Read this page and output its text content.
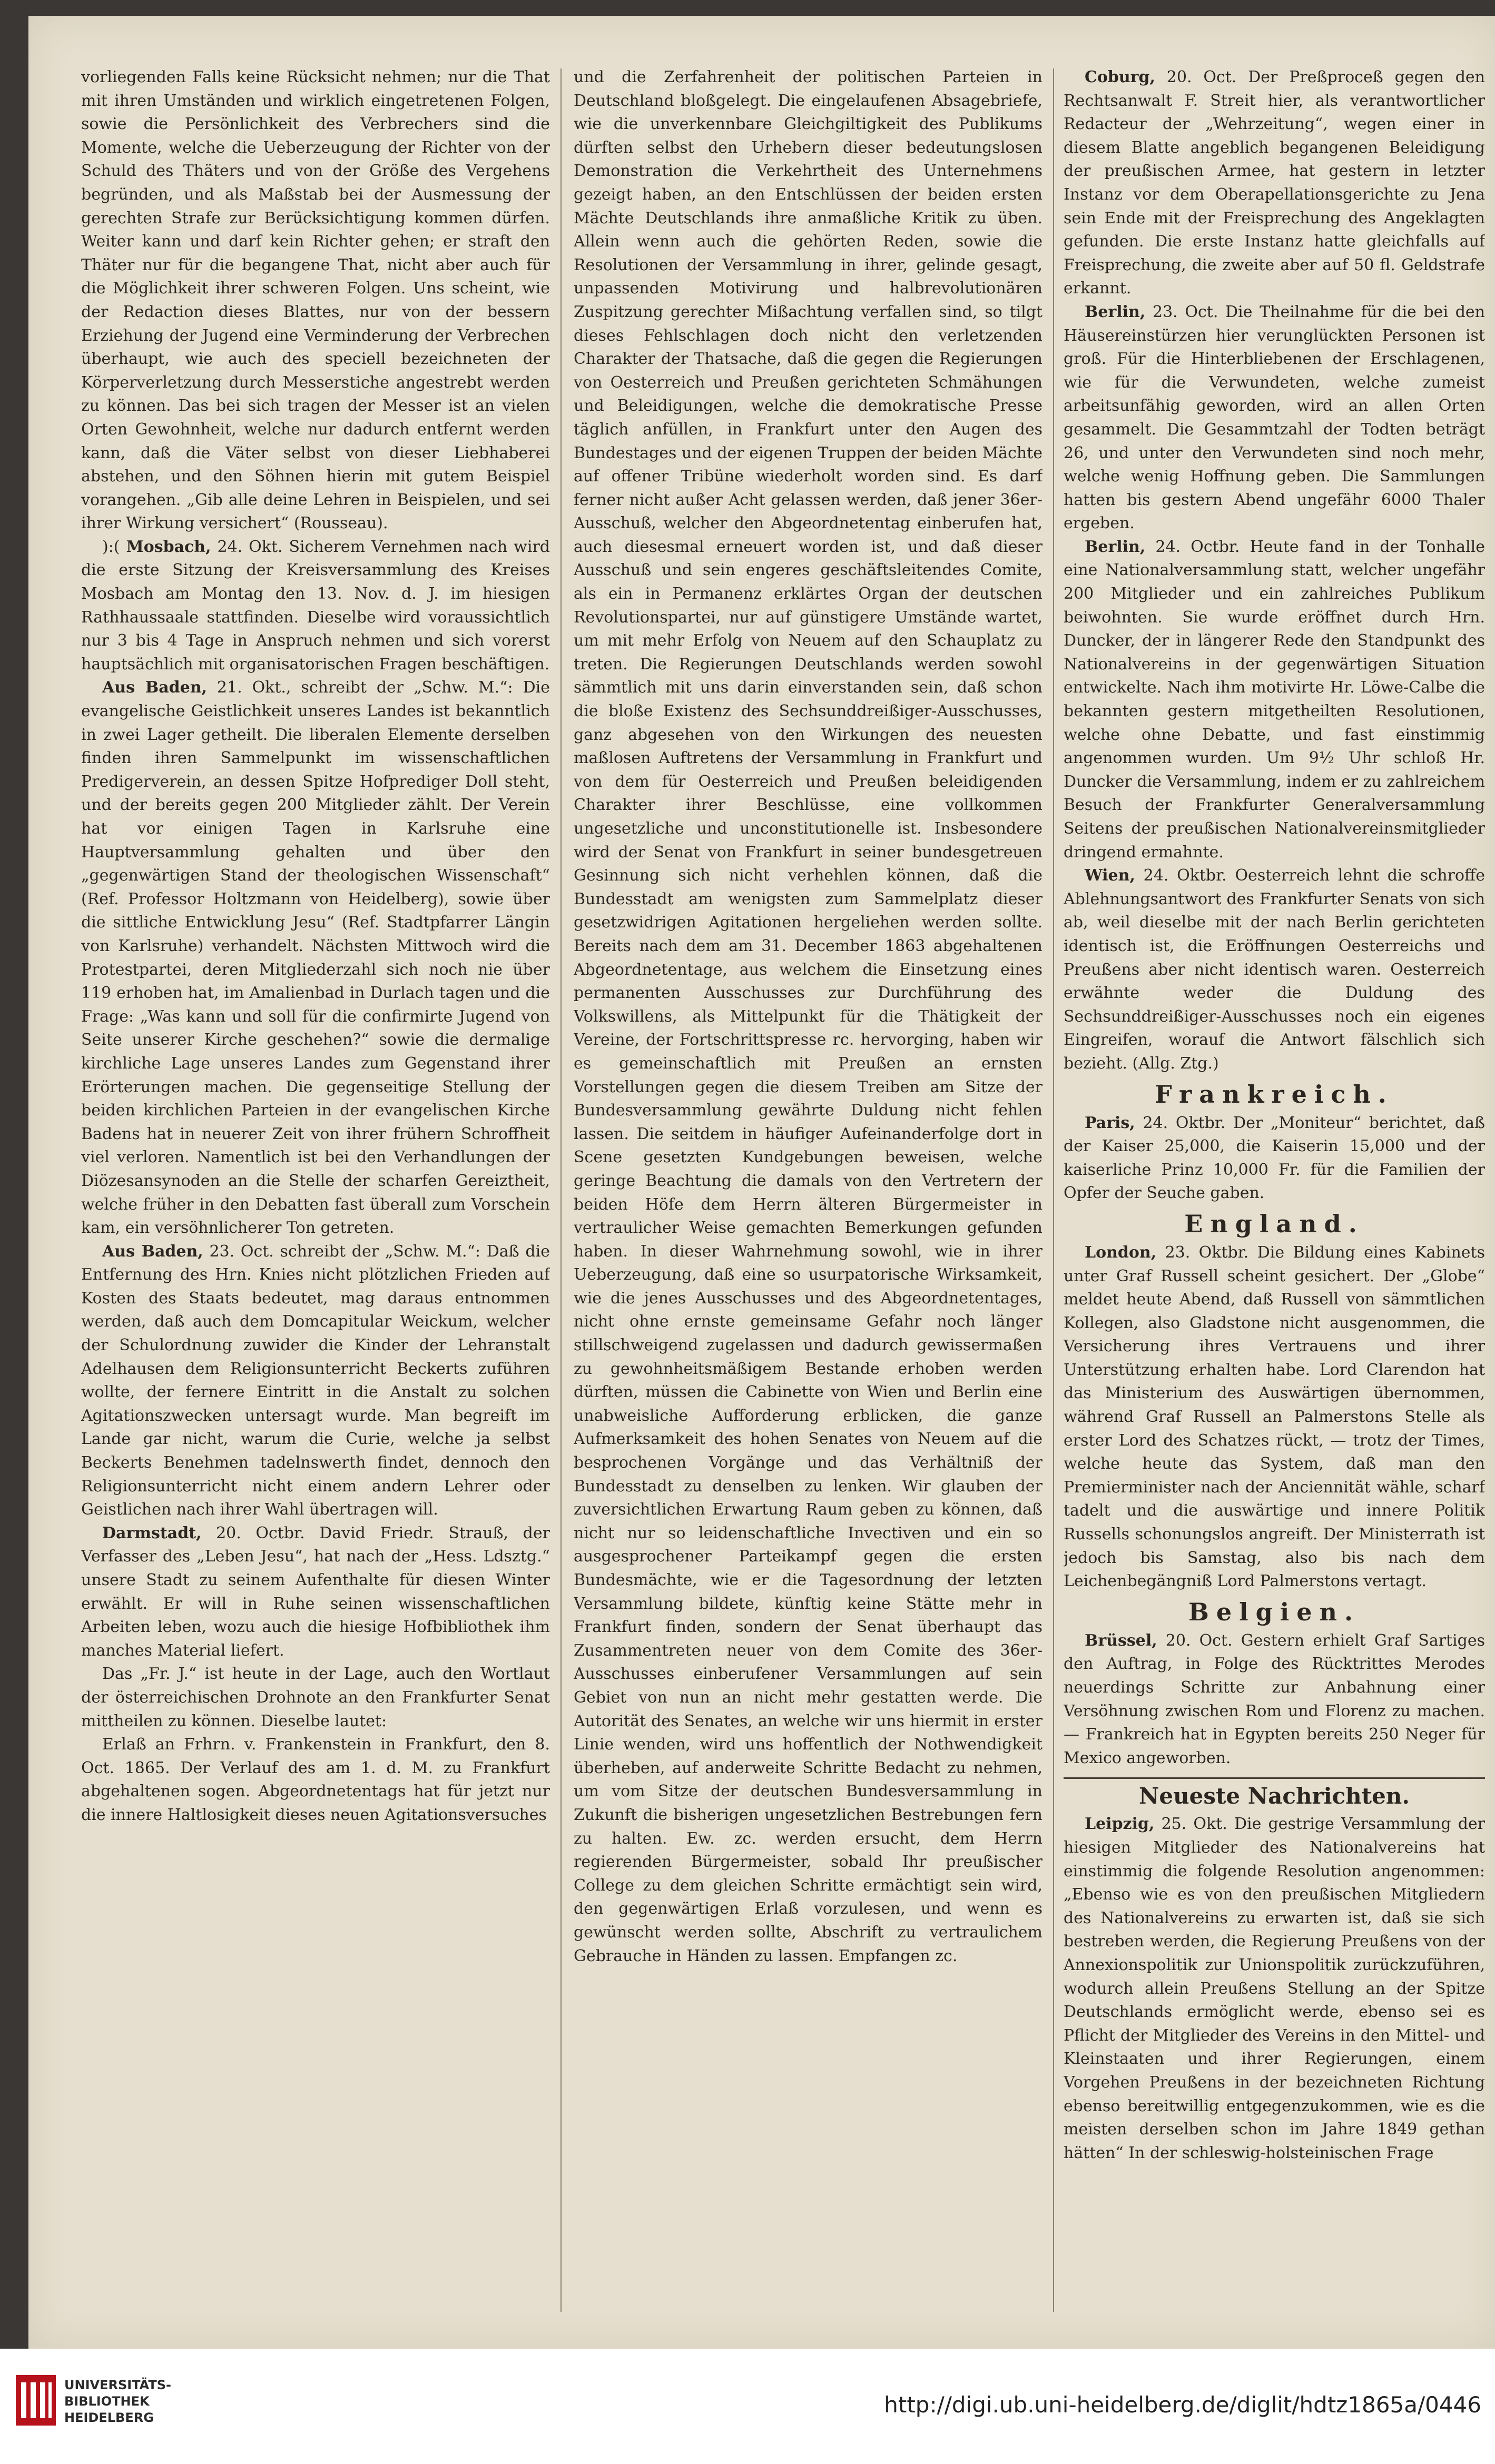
vorliegenden Falls keine Rücksicht nehmen; nur die That mit ihren Umständen und wirklich eingetretenen Folgen, sowie die Persönlichkeit des Verbrechers sind die Momente, welche die Ueberzeugung der Richter von der Schuld des Thäters und von der Größe des Vergehens begründen, und als Maßstab bei der Ausmessung der gerechten Strafe zur Berücksichtigung kommen dürfen. Weiter kann und darf kein Richter gehen; er straft den Thäter nur für die begangene That, nicht aber auch für die Möglichkeit ihrer schweren Folgen. Uns scheint, wie der Redaction dieses Blattes, nur von der bessern Erziehung der Jugend eine Verminderung der Verbrechen überhaupt, wie auch des speciell bezeichneten der Körperverletzung durch Messerstiche angestrebt werden zu können. Das bei sich tragen der Messer ist an vielen Orten Gewohnheit, welche nur dadurch entfernt werden kann, daß die Väter selbst von dieser Liebhaberei abstehen, und den Söhnen hierin mit gutem Beispiel vorangehen. „Gib alle deine Lehren in Beispielen, und sei ihrer Wirkung versichert“ (Rousseau).

):( Mosbach, 24. Okt. Sicherem Vernehmen nach wird die erste Sitzung der Kreisversammlung des Kreises Mosbach am Montag den 13. Nov. d. J. im hiesigen Rathhaussaale stattfinden. Dieselbe wird voraussichtlich nur 3 bis 4 Tage in Anspruch nehmen und sich vorerst hauptsächlich mit organisatorischen Fragen beschäftigen.

Aus Baden, 21. Okt., schreibt der „Schw. M.“: Die evangelische Geistlichkeit unseres Landes ist bekanntlich in zwei Lager getheilt. Die liberalen Elemente derselben finden ihren Sammelpunkt im wissenschaftlichen Predigerverein, an dessen Spitze Hofprediger Doll steht, und der bereits gegen 200 Mitglieder zählt. Der Verein hat vor einigen Tagen in Karlsruhe eine Hauptversammlung gehalten und über den „gegenwärtigen Stand der theologischen Wissenschaft“ (Ref. Professor Holtzmann von Heidelberg), sowie über die sittliche Entwicklung Jesu“ (Ref. Stadtpfarrer Längin von Karlsruhe) verhandelt. Nächsten Mittwoch wird die Protestpartei, deren Mitgliederzahl sich noch nie über 119 erhoben hat, im Amalienbad in Durlach tagen und die Frage: „Was kann und soll für die confirmirte Jugend von Seite unserer Kirche geschehen?“ sowie die dermalige kirchliche Lage unseres Landes zum Gegenstand ihrer Erörterungen machen. Die gegenseitige Stellung der beiden kirchlichen Parteien in der evangelischen Kirche Badens hat in neuerer Zeit von ihrer frühern Schroffheit viel verloren. Namentlich ist bei den Verhandlungen der Diözesansynoden an die Stelle der scharfen Gereiztheit, welche früher in den Debatten fast überall zum Vorschein kam, ein versöhnlicherer Ton getreten.

Aus Baden, 23. Oct. schreibt der „Schw. M.“: Daß die Entfernung des Hrn. Knies nicht plötzlichen Frieden auf Kosten des Staats bedeutet, mag daraus entnommen werden, daß auch dem Domcapitular Weickum, welcher der Schulordnung zuwider die Kinder der Lehranstalt Adelhausen dem Religionsunterricht Beckerts zuführen wollte, der fernere Eintritt in die Anstalt zu solchen Agitationszwecken untersagt wurde. Man begreift im Lande gar nicht, warum die Curie, welche ja selbst Beckerts Benehmen tadelnswerth findet, dennoch den Religionsunterricht nicht einem andern Lehrer oder Geistlichen nach ihrer Wahl übertragen will.

Darmstadt, 20. Octbr. David Friedr. Strauß, der Verfasser des „Leben Jesu“, hat nach der „Hess. Ldsztg.“ unsere Stadt zu seinem Aufenthalte für diesen Winter erwählt. Er will in Ruhe seinen wissenschaftlichen Arbeiten leben, wozu auch die hiesige Hofbibliothek ihm manches Material liefert.

Das „Fr. J.“ ist heute in der Lage, auch den Wortlaut der österreichischen Drohnote an den Frankfurter Senat mittheilen zu können. Dieselbe lautet:

Erlaß an Frhrn. v. Frankenstein in Frankfurt, den 8. Oct. 1865. Der Verlauf des am 1. d. M. zu Frankfurt abgehaltenen sogen. Abgeordnetentags hat für jetzt nur die innere Haltlosigkeit dieses neuen Agitationsversuches

und die Zerfahrenheit der politischen Parteien in Deutschland bloßgelegt. Die eingelaufenen Absagebriefe, wie die unverkennbare Gleichgiltigkeit des Publikums dürften selbst den Urhebern dieser bedeutungslosen Demonstration die Verkehrtheit des Unternehmens gezeigt haben, an den Entschlüssen der beiden ersten Mächte Deutschlands ihre anmaßliche Kritik zu üben. Allein wenn auch die gehörten Reden, sowie die Resolutionen der Versammlung in ihrer, gelinde gesagt, unpassenden Motivirung und halbrevolutionären Zuspitzung gerechter Mißachtung verfallen sind, so tilgt dieses Fehlschlagen doch nicht den verletzenden Charakter der Thatsache, daß die gegen die Regierungen von Oesterreich und Preußen gerichteten Schmähungen und Beleidigungen, welche die demokratische Presse täglich anfüllen, in Frankfurt unter den Augen des Bundestages und der eigenen Truppen der beiden Mächte auf offener Tribüne wiederholt worden sind. Es darf ferner nicht außer Acht gelassen werden, daß jener 36er-Ausschuß, welcher den Abgeordnetentag einberufen hat, auch diesesmal erneuert worden ist, und daß dieser Ausschuß und sein engeres geschäftsleitendes Comite, als ein in Permanenz erklärtes Organ der deutschen Revolutionspartei, nur auf günstigere Umstände wartet, um mit mehr Erfolg von Neuem auf den Schauplatz zu treten. Die Regierungen Deutschlands werden sowohl sämmtlich mit uns darin einverstanden sein, daß schon die bloße Existenz des Sechsunddreißiger-Ausschusses, ganz abgesehen von den Wirkungen des neuesten maßlosen Auftretens der Versammlung in Frankfurt und von dem für Oesterreich und Preußen beleidigenden Charakter ihrer Beschlüsse, eine vollkommen ungesetzliche und unconstitutionelle ist. Insbesondere wird der Senat von Frankfurt in seiner bundesgetreuen Gesinnung sich nicht verhehlen können, daß die Bundesstadt am wenigsten zum Sammelplatz dieser gesetzwidrigen Agitationen hergeliehen werden sollte. Bereits nach dem am 31. December 1863 abgehaltenen Abgeordnetentage, aus welchem die Einsetzung eines permanenten Ausschusses zur Durchführung des Volkswillens, als Mittelpunkt für die Thätigkeit der Vereine, der Fortschrittspresse rc. hervorging, haben wir es gemeinschaftlich mit Preußen an ernsten Vorstellungen gegen die diesem Treiben am Sitze der Bundesversammlung gewährte Duldung nicht fehlen lassen. Die seitdem in häufiger Aufeinanderfolge dort in Scene gesetzten Kundgebungen beweisen, welche geringe Beachtung die damals von den Vertretern der beiden Höfe dem Herrn älteren Bürgermeister in vertraulicher Weise gemachten Bemerkungen gefunden haben. In dieser Wahrnehmung sowohl, wie in ihrer Ueberzeugung, daß eine so usurpatorische Wirksamkeit, wie die jenes Ausschusses und des Abgeordnetentages, nicht ohne ernste gemeinsame Gefahr noch länger stillschweigend zugelassen und dadurch gewissermaßen zu gewohnheitsmäßigem Bestande erhoben werden dürften, müssen die Cabinette von Wien und Berlin eine unabweisliche Aufforderung erblicken, die ganze Aufmerksamkeit des hohen Senates von Neuem auf die besprochenen Vorgänge und das Verhältniß der Bundesstadt zu denselben zu lenken. Wir glauben der zuversichtlichen Erwartung Raum geben zu können, daß nicht nur so leidenschaftliche Invectiven und ein so ausgesprochener Parteikampf gegen die ersten Bundesmächte, wie er die Tagesordnung der letzten Versammlung bildete, künftig keine Stätte mehr in Frankfurt finden, sondern der Senat überhaupt das Zusammentreten neuer von dem Comite des 36er-Ausschusses einberufener Versammlungen auf sein Gebiet von nun an nicht mehr gestatten werde. Die Autorität des Senates, an welche wir uns hiermit in erster Linie wenden, wird uns hoffentlich der Nothwendigkeit überheben, auf anderweite Schritte Bedacht zu nehmen, um vom Sitze der deutschen Bundesversammlung in Zukunft die bisherigen ungesetzlichen Bestrebungen fern zu halten. Ew. zc. werden ersucht, dem Herrn regierenden Bürgermeister, sobald Ihr preußischer College zu dem gleichen Schritte ermächtigt sein wird, den gegenwärtigen Erlaß vorzulesen, und wenn es gewünscht werden sollte, Abschrift zu vertraulichem Gebrauche in Händen zu lassen. Empfangen zc.

Coburg, 20. Oct. Der Preßproceß gegen den Rechtsanwalt F. Streit hier, als verantwortlicher Redacteur der „Wehrzeitung“, wegen einer in diesem Blatte angeblich begangenen Beleidigung der preußischen Armee, hat gestern in letzter Instanz vor dem Oberapellationsgerichte zu Jena sein Ende mit der Freisprechung des Angeklagten gefunden. Die erste Instanz hatte gleichfalls auf Freisprechung, die zweite aber auf 50 fl. Geldstrafe erkannt.

Berlin, 23. Oct. Die Theilnahme für die bei den Häusereinstürzen hier verunglückten Personen ist groß. Für die Hinterbliebenen der Erschlagenen, wie für die Verwundeten, welche zumeist arbeitsunfähig geworden, wird an allen Orten gesammelt. Die Gesammtzahl der Todten beträgt 26, und unter den Verwundeten sind noch mehr, welche wenig Hoffnung geben. Die Sammlungen hatten bis gestern Abend ungefähr 6000 Thaler ergeben.

Berlin, 24. Octbr. Heute fand in der Tonhalle eine Nationalversammlung statt, welcher ungefähr 200 Mitglieder und ein zahlreiches Publikum beiwohnten. Sie wurde eröffnet durch Hrn. Duncker, der in längerer Rede den Standpunkt des Nationalvereins in der gegenwärtigen Situation entwickelte. Nach ihm motivirte Hr. Löwe-Calbe die bekannten gestern mitgetheilten Resolutionen, welche ohne Debatte, und fast einstimmig angenommen wurden. Um 9½ Uhr schloß Hr. Duncker die Versammlung, indem er zu zahlreichem Besuch der Frankfurter Generalversammlung Seitens der preußischen Nationalvereinsmitglieder dringend ermahnte.

Wien, 24. Oktbr. Oesterreich lehnt die schroffe Ablehnungsantwort des Frankfurter Senats von sich ab, weil dieselbe mit der nach Berlin gerichteten identisch ist, die Eröffnungen Oesterreichs und Preußens aber nicht identisch waren. Oesterreich erwähnte weder die Duldung des Sechsunddreißiger-Ausschusses noch ein eigenes Eingreifen, worauf die Antwort fälschlich sich bezieht. (Allg. Ztg.)

Frankreich.

Paris, 24. Oktbr. Der „Moniteur“ berichtet, daß der Kaiser 25,000, die Kaiserin 15,000 und der kaiserliche Prinz 10,000 Fr. für die Familien der Opfer der Seuche gaben.

England.

London, 23. Oktbr. Die Bildung eines Kabinets unter Graf Russell scheint gesichert. Der „Globe“ meldet heute Abend, daß Russell von sämmtlichen Kollegen, also Gladstone nicht ausgenommen, die Versicherung ihres Vertrauens und ihrer Unterstützung erhalten habe. Lord Clarendon hat das Ministerium des Auswärtigen übernommen, während Graf Russell an Palmerstons Stelle als erster Lord des Schatzes rückt, — trotz der Times, welche heute das System, daß man den Premierminister nach der Anciennität wähle, scharf tadelt und die auswärtige und innere Politik Russells schonungslos angreift. Der Ministerrath ist jedoch bis Samstag, also bis nach dem Leichenbegängniß Lord Palmerstons vertagt.

Belgien.

Brüssel, 20. Oct. Gestern erhielt Graf Sartiges den Auftrag, in Folge des Rücktrittes Merodes neuerdings Schritte zur Anbahnung einer Versöhnung zwischen Rom und Florenz zu machen. — Frankreich hat in Egypten bereits 250 Neger für Mexico angeworben.

Neueste Nachrichten.

Leipzig, 25. Okt. Die gestrige Versammlung der hiesigen Mitglieder des Nationalvereins hat einstimmig die folgende Resolution angenommen: „Ebenso wie es von den preußischen Mitgliedern des Nationalvereins zu erwarten ist, daß sie sich bestreben werden, die Regierung Preußens von der Annexionspolitik zur Unionspolitik zurückzuführen, wodurch allein Preußens Stellung an der Spitze Deutschlands ermöglicht werde, ebenso sei es Pflicht der Mitglieder des Vereins in den Mittel- und Kleinstaaten und ihrer Regierungen, einem Vorgehen Preußens in der bezeichneten Richtung ebenso bereitwillig entgegenzukommen, wie es die meisten derselben schon im Jahre 1849 gethan hätten“ In der schleswig-holsteinischen Frage

UNIVERSITÄTS-
BIBLIOTHEK
HEIDELBERG	http://digi.ub.uni-heidelberg.de/diglit/hdtz1865a/0446
